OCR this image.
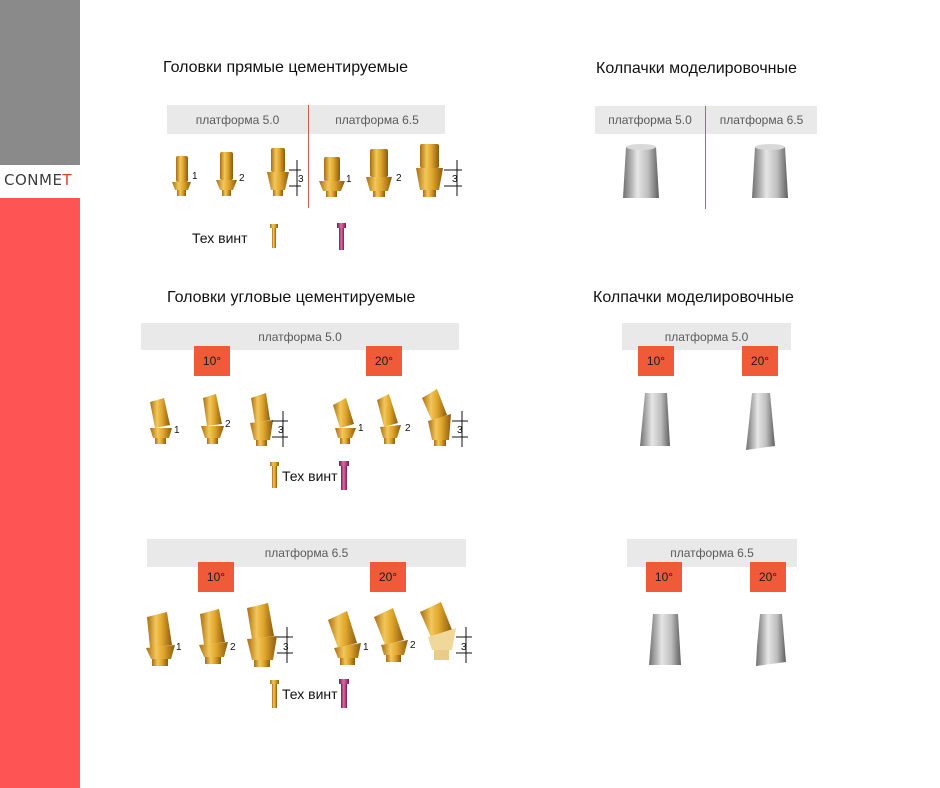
CONMET
Головки прямые цементируемые	Колпачки моделировочные
Головки угловые цементируемые	Колпачки моделировочные
платформа 5.0	платформа 6.5	платформа 5.0	платформа 6.5
платформа 5.0
10°	20°
платформа 5.0
10°	20°
платформа 6.5
10°	20°
платформа 6.5
10°	20°
Тех винт
Тех винт
Тех винт
1	2	3	1	2	3
1
2
3	1	2	3
1	2	3	1	2	3
